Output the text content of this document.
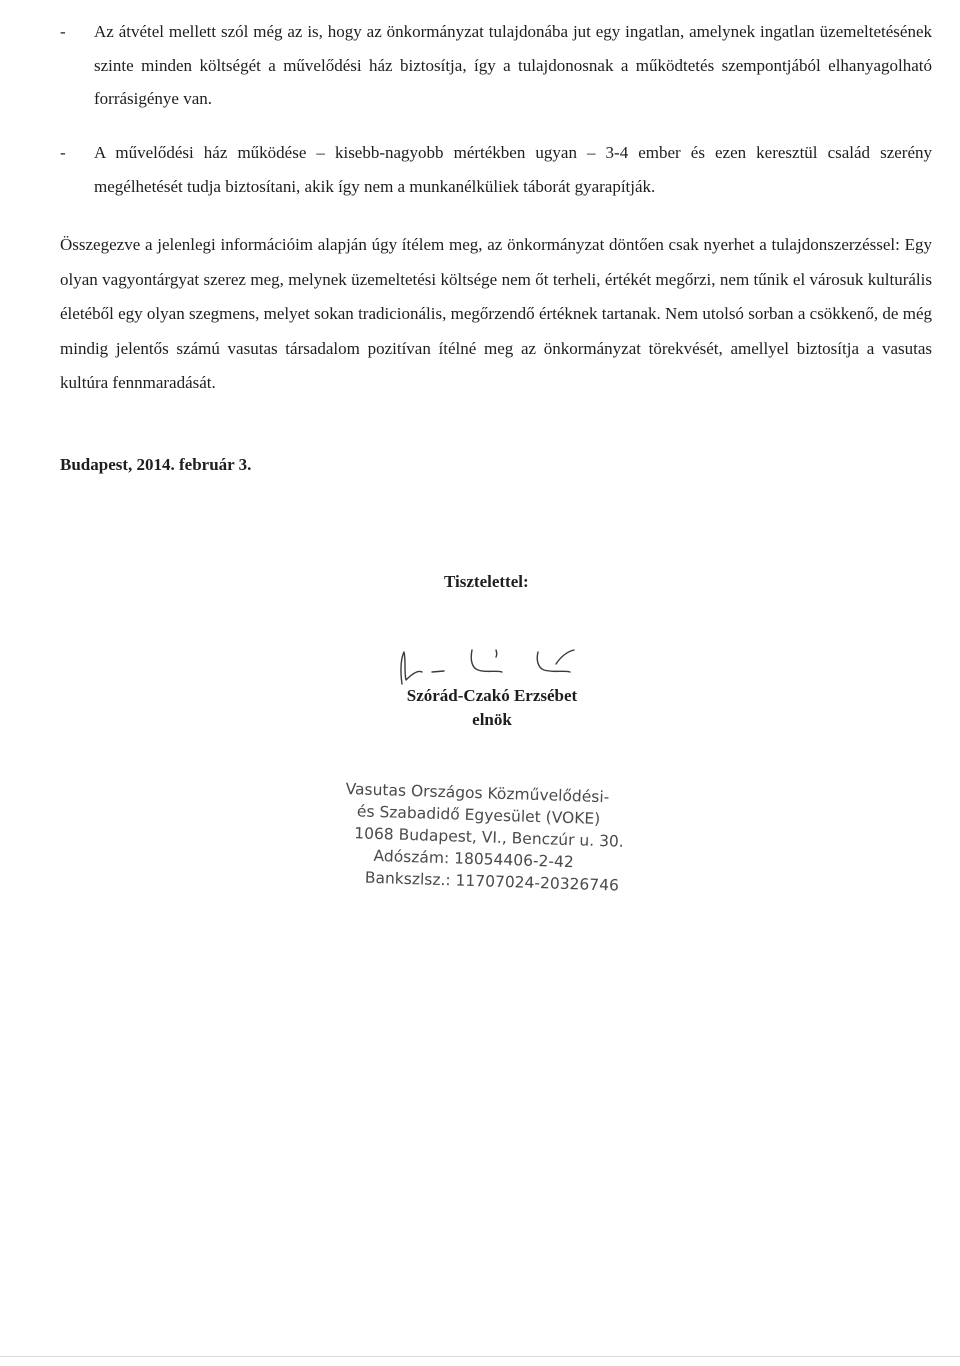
- Az átvétel mellett szól még az is, hogy az önkormányzat tulajdonába jut egy ingatlan, amelynek ingatlan üzemeltetésének szinte minden költségét a művelődési ház biztosítja, így a tulajdonosnak a működtetés szempontjából elhanyagolható forrásigénye van.
- A művelődési ház működése – kisebb-nagyobb mértékben ugyan – 3-4 ember és ezen keresztül család szerény megélhetését tudja biztosítani, akik így nem a munkanélküliek táborát gyarapítják.

Összegezve a jelenlegi információim alapján úgy ítélem meg, az önkormányzat döntően csak nyerhet a tulajdonszerzéssel: Egy olyan vagyontárgyat szerez meg, melynek üzemeltetési költsége nem őt terheli, értékét megőrzi, nem tűnik el városuk kulturális életéből egy olyan szegmens, melyet sokan tradicionális, megőrzendő értéknek tartanak. Nem utolsó sorban a csökkenő, de még mindig jelentős számú vasutas társadalom pozitívan ítélné meg az önkormányzat törekvését, amellyel biztosítja a vasutas kultúra fennmaradását.

Budapest, 2014. február 3.
Tisztelettel:
Szórád-Czakó Erzsébet
elnök
Vasutas Országos Közművelődési-
és Szabadidő Egyesület (VOKE)
1068 Budapest, VI., Benczúr u. 30.
Adószám: 18054406-2-42
Bankszlsz.: 11707024-20326746
